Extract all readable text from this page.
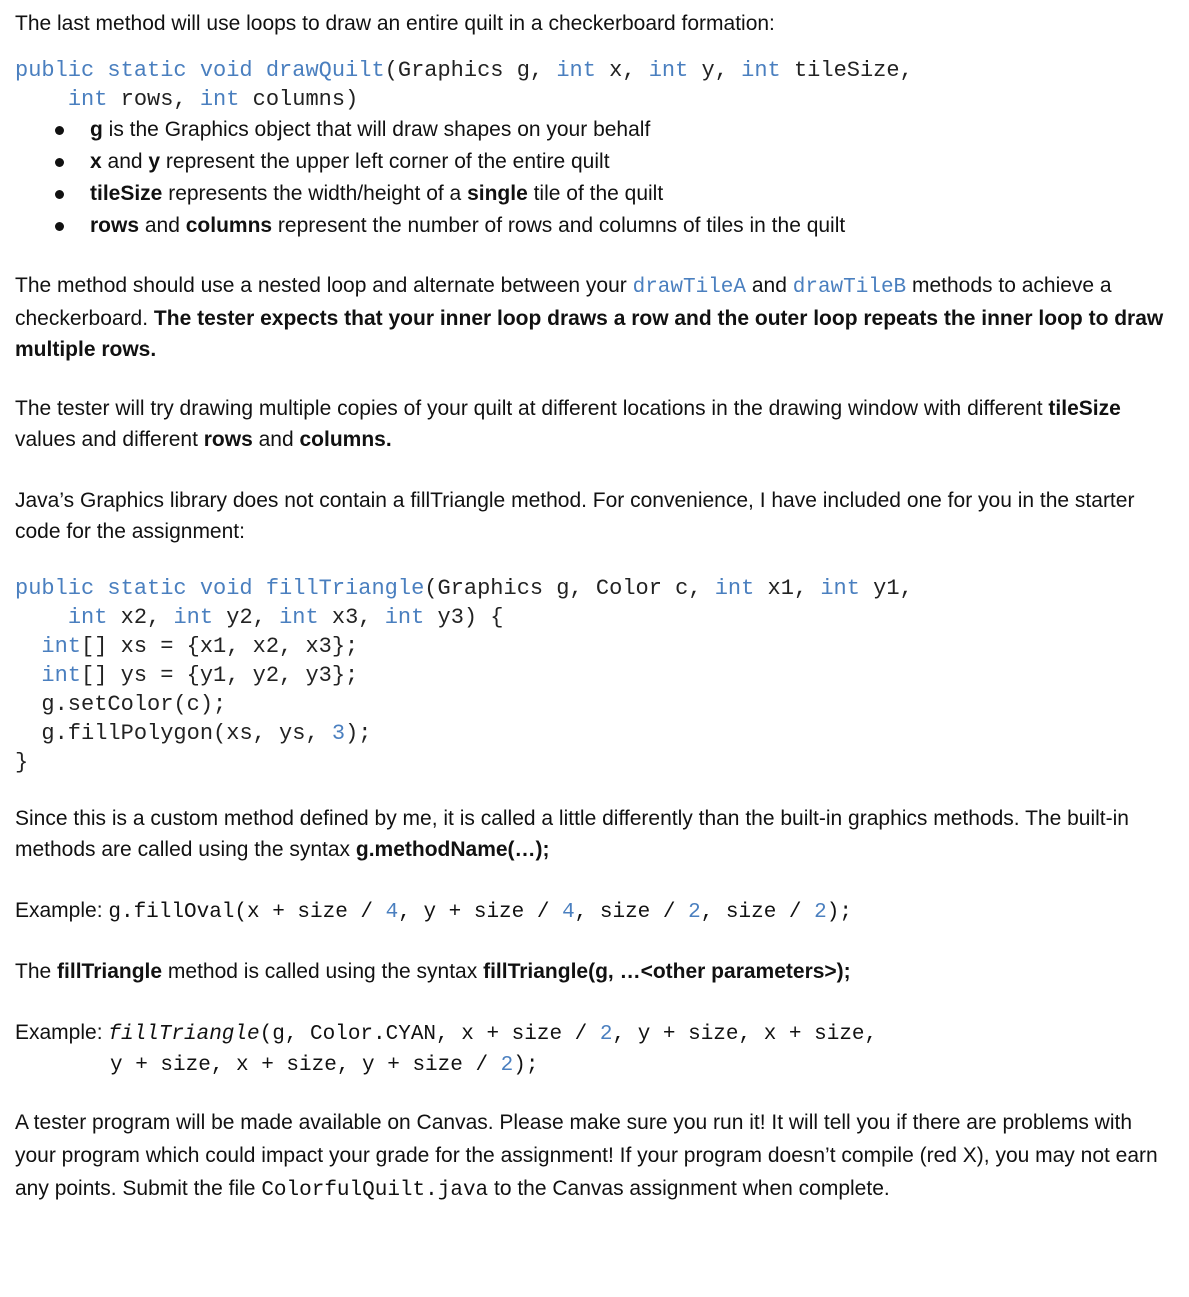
The last method will use loops to draw an entire quilt in a checkerboard formation:

public static void drawQuilt(Graphics g, int x, int y, int tileSize,
int rows, int columns)
g is the Graphics object that will draw shapes on your behalf
x and y represent the upper left corner of the entire quilt
tileSize represents the width/height of a single tile of the quilt
rows and columns represent the number of rows and columns of tiles in the quilt

The method should use a nested loop and alternate between your drawTileA and drawTileB methods to achieve a checkerboard. The tester expects that your inner loop draws a row and the outer loop repeats the inner loop to draw multiple rows.

The tester will try drawing multiple copies of your quilt at different locations in the drawing window with different tileSize values and different rows and columns.

Java’s Graphics library does not contain a fillTriangle method. For convenience, I have included one for you in the starter code for the assignment:

public static void fillTriangle(Graphics g, Color c, int x1, int y1,
int x2, int y2, int x3, int y3) {
int[] xs = {x1, x2, x3};
int[] ys = {y1, y2, y3};
g.setColor(c);
g.fillPolygon(xs, ys, 3);
}

Since this is a custom method defined by me, it is called a little differently than the built-in graphics methods. The built-in methods are called using the syntax g.methodName(…);

Example: g.fillOval(x + size / 4, y + size / 4, size / 2, size / 2);

The fillTriangle method is called using the syntax fillTriangle(g, …<other parameters>);

Example: fillTriangle(g, Color.CYAN, x + size / 2, y + size, x + size,
y + size, x + size, y + size / 2);

A tester program will be made available on Canvas. Please make sure you run it! It will tell you if there are problems with your program which could impact your grade for the assignment! If your program doesn’t compile (red X), you may not earn any points. Submit the file ColorfulQuilt.java to the Canvas assignment when complete.
